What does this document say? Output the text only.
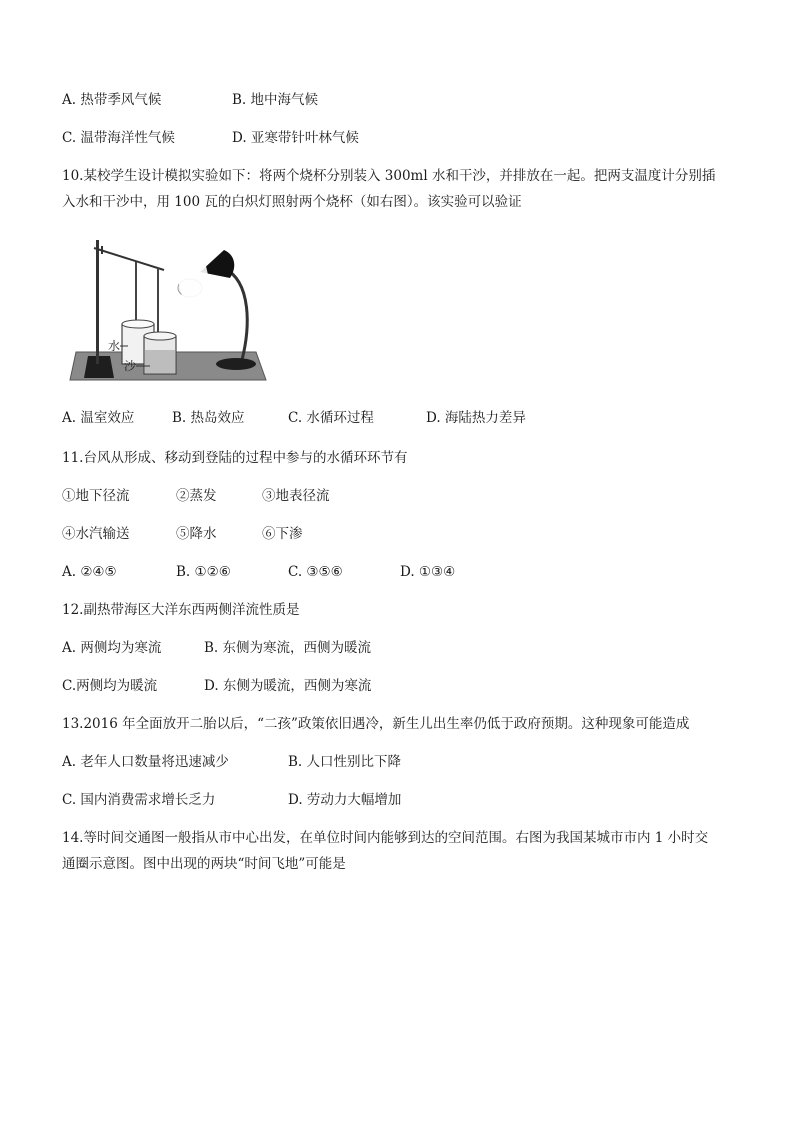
A. 热带季风气候	B. 地中海气候
C. 温带海洋性气候	D. 亚寒带针叶林气候
10.某校学生设计模拟实验如下：将两个烧杯分别装入 300ml 水和干沙，并排放在一起。把两支温度计分别插
入水和干沙中，用 100 瓦的白炽灯照射两个烧杯（如右图）。该实验可以验证
水
沙
A. 温室效应	B. 热岛效应	C. 水循环过程	D. 海陆热力差异
11.台风从形成、移动到登陆的过程中参与的水循环环节有
①地下径流	②蒸发	③地表径流
④水汽输送	⑤降水	⑥下渗
A. ②④⑤	B. ①②⑥	C. ③⑤⑥	D. ①③④
12.副热带海区大洋东西两侧洋流性质是
A. 两侧均为寒流	B. 东侧为寒流，西侧为暖流
C.两侧均为暖流	D. 东侧为暖流，西侧为寒流
13.2016 年全面放开二胎以后，“二孩”政策依旧遇冷，新生儿出生率仍低于政府预期。这种现象可能造成
A. 老年人口数量将迅速减少	B. 人口性别比下降
C. 国内消费需求增长乏力	D. 劳动力大幅增加
14.等时间交通图一般指从市中心出发，在单位时间内能够到达的空间范围。右图为我国某城市市内 1 小时交
通圈示意图。图中出现的两块“时间飞地”可能是
